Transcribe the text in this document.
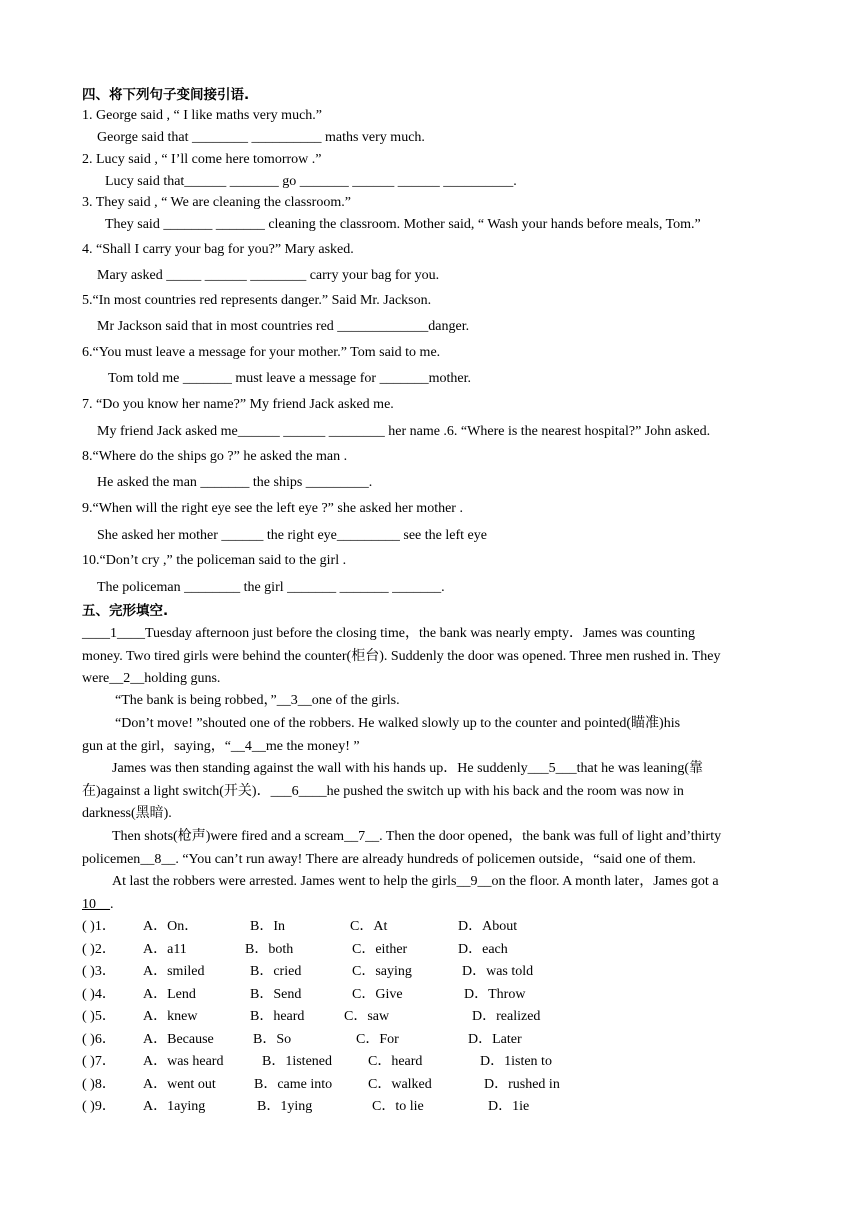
四、将下列句子变间接引语.
1. George said , “ I like maths very much.”
George said that ________ __________ maths very much.
2. Lucy said , “ I’ll come here tomorrow .”
Lucy said that______ _______ go _______ ______ ______ __________.
3. They said , “ We are cleaning the classroom.”
They said _______ _______ cleaning the classroom. Mother said, “ Wash your hands before meals, Tom.”
4. “Shall I carry your bag for you?” Mary asked.
Mary asked _____ ______ ________ carry your bag for you.
5.“In most countries red represents danger.” Said Mr. Jackson.
Mr Jackson said that in most countries red _____________danger.
6.“You must leave a message for your mother.” Tom said to me.
Tom told me _______ must leave a message for _______mother.
7. “Do you know her name?” My friend Jack asked me.
My friend Jack asked me______ ______ ________ her name .6. “Where is the nearest hospital?” John asked.
8.“Where do the ships go ?” he asked the man .
He asked the man _______ the ships _________.
9.“When will the right eye see the left eye ?” she asked her mother .
She asked her mother ______ the right eye_________ see the left eye
10.“Don’t cry ,” the policeman said to the girl .
The policeman ________ the girl _______ _______ _______.
五、完形填空.
____1____Tuesday afternoon just before the closing time，the bank was nearly empty．James was counting
money. Two tired girls were behind the counter(柜台). Suddenly the door was opened. Three men rushed in. They
were__2__holding guns.
“The bank is being robbed，”__3__one of the girls.
“Don’t move! ”shouted one of the robbers. He walked slowly up to the counter and pointed(瞄准)his
gun at the girl，saying，“__4__me the money! ”
James was then standing against the wall with his hands up．He suddenly___5___that he was leaning(靠
在)against a light switch(开关)．___6____he pushed the switch up with his back and the room was now in
darkness(黑暗).
Then shots(枪声)were fired and a scream__7__. Then the door opened，the bank was full of light and’thirty
policemen__8__. “You can’t run away! There are already hundreds of policemen outside，“said one of them.
At last the robbers were arrested. James went to help the girls__9__on the floor. A month later，James got a
10__.
( )1． A．On．	B．In	C．At	D．About
( )2． A．a11	B．both	C．either	D．each
( )3． A．smiled	B．cried	C．saying	D．was told
( )4． A．Lend	B．Send	C．Give	D．Throw
( )5． A．knew	B．heard	C．saw	D．realized
( )6． A．Because	B．So	C．For	D．Later
( )7． A．was heard	B．1istened	C．heard	D．1isten to
( )8． A．went out	B．came into	C．walked	D．rushed in
( )9． A．1aying	B．1ying	C．to lie	D．1ie
